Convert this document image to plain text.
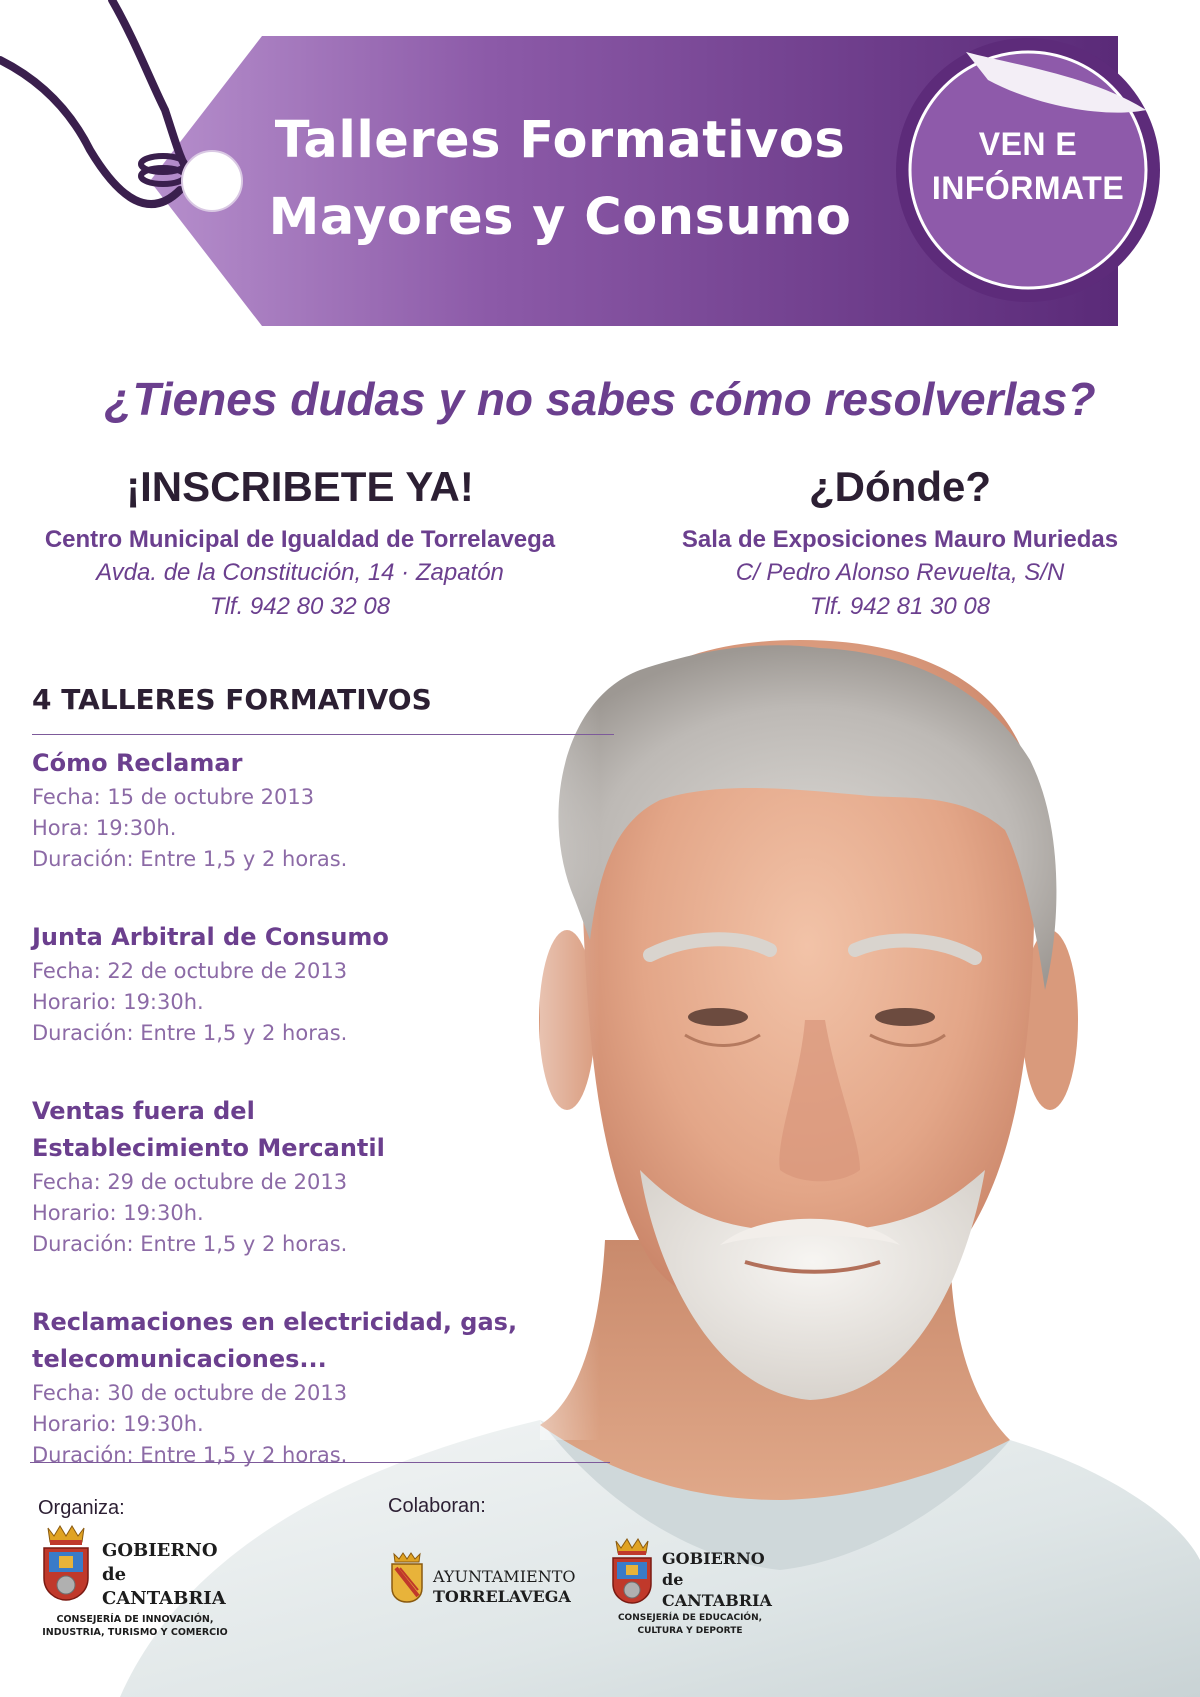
Talleres Formativos
Mayores y Consumo
VEN E
INFÓRMATE
¿Tienes dudas y no sabes cómo resolverlas?
¡INSCRIBETE YA!
Centro Municipal de Igualdad de Torrelavega
Avda. de la Constitución, 14 · Zapatón
Tlf. 942 80 32 08
¿Dónde?
Sala de Exposiciones Mauro Muriedas
C/ Pedro Alonso Revuelta, S/N
Tlf. 942 81 30 08
4 TALLERES FORMATIVOS
Cómo Reclamar
Fecha: 15 de octubre 2013
Hora: 19:30h.
Duración: Entre 1,5 y 2 horas.
Junta Arbitral de Consumo
Fecha: 22 de octubre de 2013
Horario: 19:30h.
Duración: Entre 1,5 y 2 horas.
Ventas fuera del
Establecimiento Mercantil
Fecha: 29 de octubre de 2013
Horario: 19:30h.
Duración: Entre 1,5 y 2 horas.
Reclamaciones en electricidad, gas,
telecomunicaciones...
Fecha: 30 de octubre de 2013
Horario: 19:30h.
Duración: Entre 1,5 y 2 horas.
Organiza:	Colaboran:
GOBIERNO
de
CANTABRIA
CONSEJERÍA DE INNOVACIÓN,
INDUSTRIA, TURISMO Y COMERCIO
AYUNTAMIENTO
TORRELAVEGA
GOBIERNO
de
CANTABRIA
CONSEJERÍA DE EDUCACIÓN,
CULTURA Y DEPORTE
